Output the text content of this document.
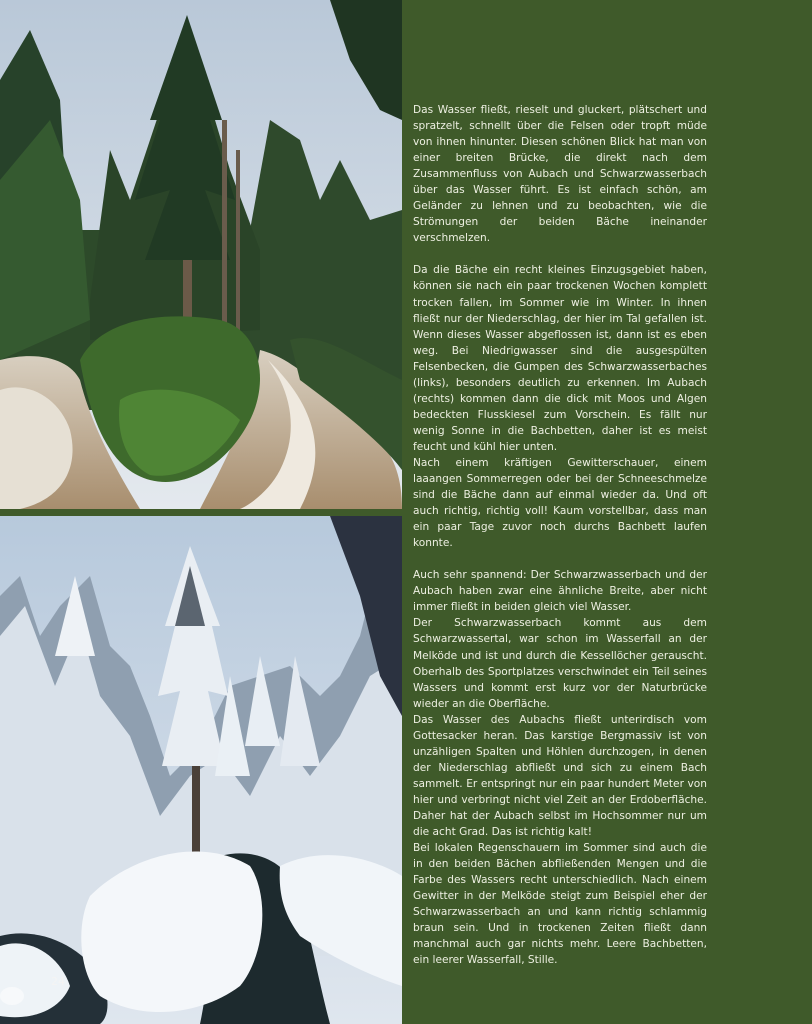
Das Wasser fließt, rieselt und gluckert, plätschert und spratzelt, schnellt über die Felsen oder tropft müde von ihnen hinunter. Diesen schönen Blick hat man von einer breiten Brücke, die direkt nach dem Zusammenfluss von Aubach und Schwarzwasserbach über das Wasser führt. Es ist einfach schön, am Geländer zu lehnen und zu beobachten, wie die Strömungen der beiden Bäche ineinander verschmelzen.

Da die Bäche ein recht kleines Einzugsgebiet haben, können sie nach ein paar trockenen Wochen komplett trocken fallen, im Sommer wie im Winter. In ihnen fließt nur der Niederschlag, der hier im Tal gefallen ist. Wenn dieses Wasser abgeflossen ist, dann ist es eben weg. Bei Niedrigwasser sind die ausgespülten Felsenbecken, die Gumpen des Schwarzwasserbaches (links), besonders deutlich zu erkennen. Im Aubach (rechts) kommen dann die dick mit Moos und Algen bedeckten Flusskiesel zum Vorschein. Es fällt nur wenig Sonne in die Bachbetten, daher ist es meist feucht und kühl hier unten.

Nach einem kräftigen Gewitterschauer, einem laaangen Sommerregen oder bei der Schneeschmelze sind die Bäche dann auf einmal wieder da. Und oft auch richtig, richtig voll! Kaum vorstellbar, dass man ein paar Tage zuvor noch durchs Bachbett laufen konnte.

Auch sehr spannend: Der Schwarzwasserbach und der Aubach haben zwar eine ähnliche Breite, aber nicht immer fließt in beiden gleich viel Wasser.

Der Schwarzwasserbach kommt aus dem Schwarzwassertal, war schon im Wasserfall an der Melköde und ist und durch die Kessellöcher gerauscht. Oberhalb des Sportplatzes verschwindet ein Teil seines Wassers und kommt erst kurz vor der Naturbrücke wieder an die Oberfläche.

Das Wasser des Aubachs fließt unterirdisch vom Gottesacker heran. Das karstige Bergmassiv ist von unzähligen Spalten und Höhlen durchzogen, in denen der Niederschlag abfließt und sich zu einem Bach sammelt. Er entspringt nur ein paar hundert Meter von hier und verbringt nicht viel Zeit an der Erdoberfläche. Daher hat der Aubach selbst im Hochsommer nur um die acht Grad. Das ist richtig kalt!

Bei lokalen Regenschauern im Sommer sind auch die in den beiden Bächen abfließenden Mengen und die Farbe des Wassers recht unterschiedlich. Nach einem Gewitter in der Melköde steigt zum Beispiel eher der Schwarzwasserbach an und kann richtig schlammig braun sein. Und in trockenen Zeiten fließt dann manchmal auch gar nichts mehr. Leere Bachbetten, ein leerer Wasserfall, Stille.

24
